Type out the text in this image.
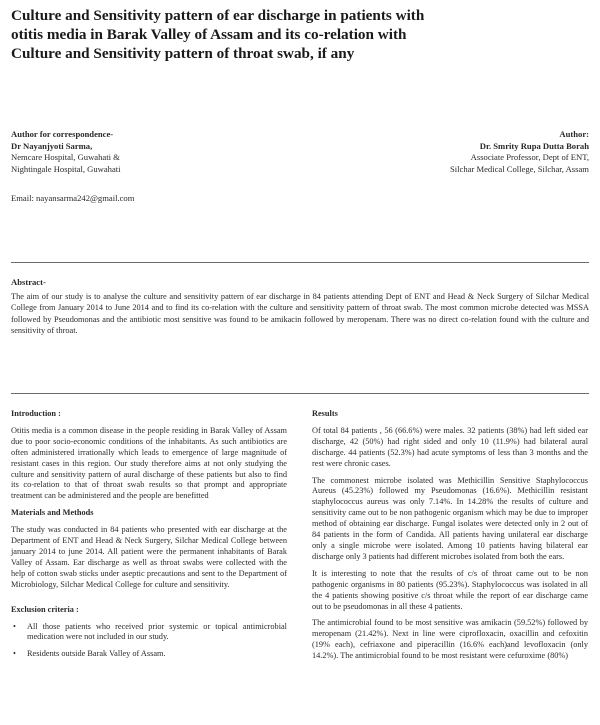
Culture and Sensitivity pattern of ear discharge in patients with
otitis media in Barak Valley of Assam and its co-relation with
Culture and Sensitivity pattern of throat swab, if any
Author for correspondence-
Dr Nayanjyoti Sarma,
Nemcare Hospital, Guwahati &
Nightingale Hospital, Guwahati
Author:
Dr. Smrity Rupa Dutta Borah
Associate Professor, Dept of ENT,
Silchar Medical College, Silchar, Assam
Email: nayansarma242@gmail.com
Abstract-
The aim of our study is to analyse the culture and sensitivity pattern of ear discharge in 84 patients attending Dept of ENT and Head & Neck Surgery of Silchar Medical College from January 2014 to June 2014 and to find its co-relation with the culture and sensitivity pattern of throat swab. The most common microbe detected was MSSA followed by Pseudomonas and the antibiotic most sensitive was found to be amikacin followed by meropenam. There was no direct co-relation found with the culture and sensitivity of throat.
Introduction :

Otitis media is a common disease in the people residing in Barak Valley of Assam due to poor socio-economic conditions of the inhabitants. As such antibiotics are often administered irrationally which leads to emergence of large magnitude of resistant cases in this region. Our study therefore aims at not only studying the culture and sensitivity pattern of aural discharge of these patients but also to find its co-relation to that of throat swab results so that prompt and appropriate treatment can be administered and the people are benefitted

Materials and Methods

The study was conducted in 84 patients who presented with ear discharge at the Department of ENT and Head & Neck Surgery, Silchar Medical College between january 2014 to june 2014. All patient were the permanent inhabitants of Barak Valley of Assam. Ear discharge as well as throat swabs were collected with the help of cotton swab sticks under aseptic precautions and sent to the Department of Microbiology, Silchar Medical College for culture and sensitivity.

Exclusion criteria :
• All those patients who received prior systemic or topical antimicrobial medication were not included in our study.
• Residents outside Barak Valley of Assam.
Results

Of total 84 patients , 56 (66.6%) were males. 32 patients (38%) had left sided ear discharge, 42 (50%) had right sided and only 10 (11.9%) had bilateral aural discharge. 44 patients (52.3%) had acute symptoms of less than 3 months and the rest were chronic cases.

The commonest microbe isolated was Methicillin Sensitive Staphylococcus Aureus (45.23%) followed my Pseudomonas (16.6%). Methicillin resistant staphylococcus aureus was only 7.14%. In 14.28% the results of culture and sensitivity came out to be non pathogenic organism which may be due to improper method of obtaining ear discharge. Fungal isolates were detected only in 2 out of 84 patients in the form of Candida. All patients having unilateral ear discharge only a single microbe were isolated. Among 10 patients having bilateral ear discharge only 3 patients had different microbes isolated from both the ears.

It is interesting to note that the results of c/s of throat came out to be non pathogenic organisms in 80 patients (95.23%). Staphylococcus was isolated in all the 4 patients showing positive c/s throat while the report of ear discharge came out to be pseudomonas in all these 4 patients.

The antimicrobial found to be most sensitive was amikacin (59.52%) followed by meropenam (21.42%). Next in line were ciprofloxacin, oxacillin and cefoxitin (19% each), cefriaxone and piperacillin (16.6% each)and levofloxacin (only 14.2%). The antimicrobial found to be most resistant were cefuroxime (80%)
